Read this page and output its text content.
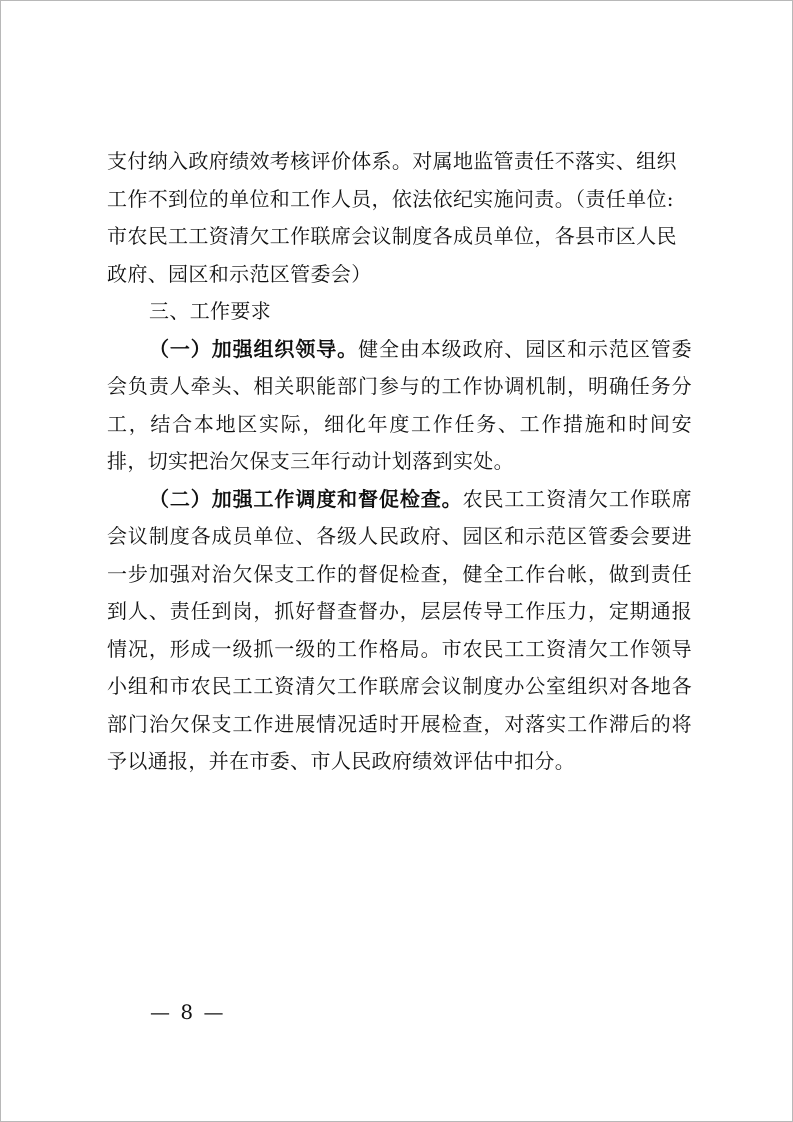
支付纳入政府绩效考核评价体系。对属地监管责任不落实、组织
工作不到位的单位和工作人员，依法依纪实施问责。（责任单位:
市农民工工资清欠工作联席会议制度各成员单位，各县市区人民
政府、园区和示范区管委会）

三、工作要求

（一）加强组织领导。健全由本级政府、园区和示范区管委会负责人牵头、相关职能部门参与的工作协调机制，明确任务分工，结合本地区实际，细化年度工作任务、工作措施和时间安排，切实把治欠保支三年行动计划落到实处。

（二）加强工作调度和督促检查。农民工工资清欠工作联席会议制度各成员单位、各级人民政府、园区和示范区管委会要进一步加强对治欠保支工作的督促检查，健全工作台帐，做到责任到人、责任到岗，抓好督查督办，层层传导工作压力，定期通报情况，形成一级抓一级的工作格局。市农民工工资清欠工作领导小组和市农民工工资清欠工作联席会议制度办公室组织对各地各部门治欠保支工作进展情况适时开展检查，对落实工作滞后的将予以通报，并在市委、市人民政府绩效评估中扣分。

— 8 —
